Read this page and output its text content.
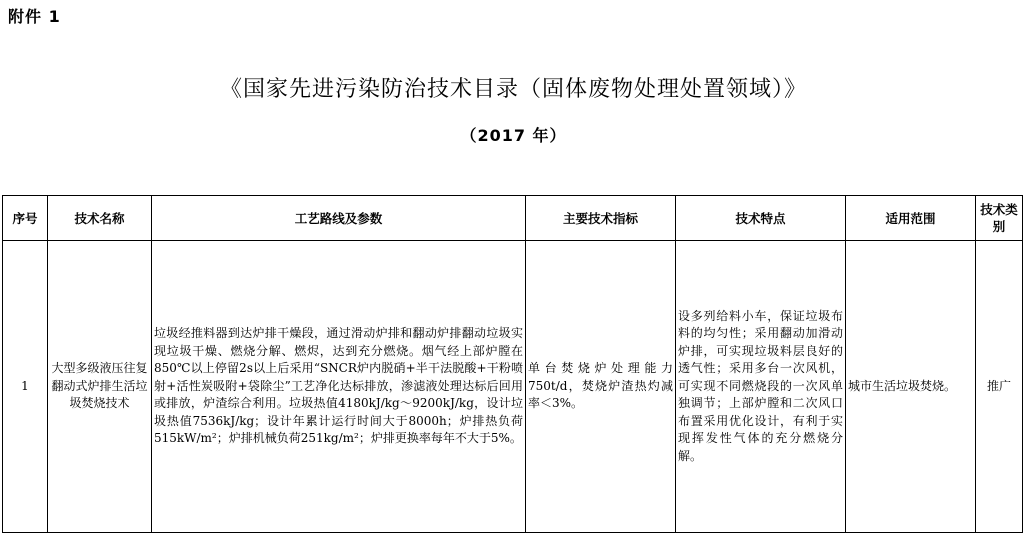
附件 1
《国家先进污染防治技术目录（固体废物处理处置领域）》
（2017 年）
序号	技术名称	工艺路线及参数	主要技术指标	技术特点	适用范围	技术类别
1	大型多级液压往复翻动式炉排生活垃圾焚烧技术	垃圾经推料器到达炉排干燥段，通过滑动炉排和翻动炉排翻动垃圾实现垃圾干燥、燃烧分解、燃烬，达到充分燃烧。烟气经上部炉膛在850℃以上停留2s以上后采用“SNCR炉内脱硝+半干法脱酸+干粉喷射+活性炭吸附+袋除尘”工艺净化达标排放，渗滤液处理达标后回用或排放，炉渣综合利用。垃圾热值4180kJ/kg～9200kJ/kg，设计垃圾热值7536kJ/kg；设计年累计运行时间大于8000h；炉排热负荷515kW/m²；炉排机械负荷251kg/m²；炉排更换率每年不大于5%。	单台焚烧炉处理能力750t/d，焚烧炉渣热灼减率＜3%。	设多列给料小车，保证垃圾布料的均匀性；采用翻动加滑动炉排，可实现垃圾料层良好的透气性；采用多台一次风机，可实现不同燃烧段的一次风单独调节；上部炉膛和二次风口布置采用优化设计，有利于实现挥发性气体的充分燃烧分解。	城市生活垃圾焚烧。	推广
